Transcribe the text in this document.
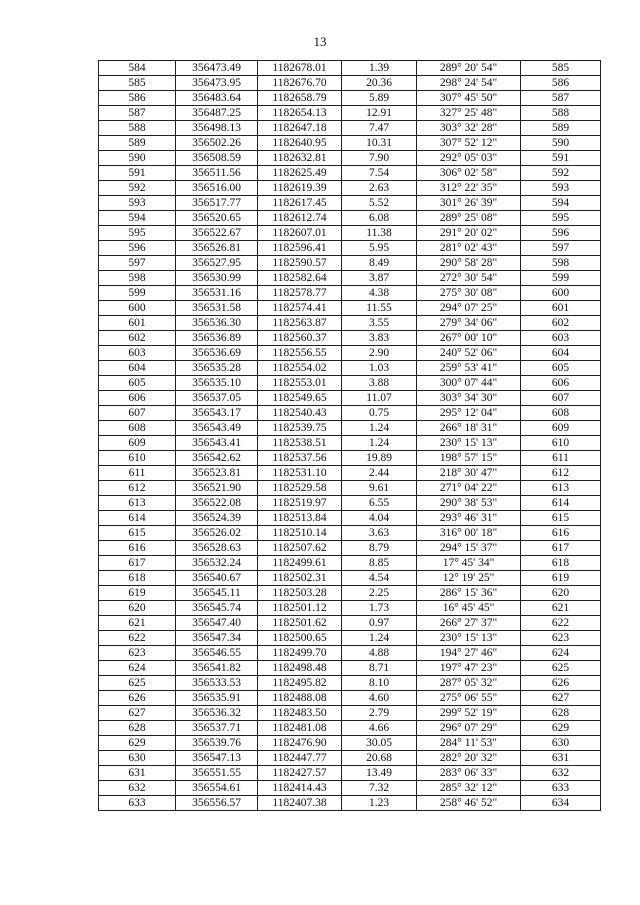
13
584	356473.49	1182678.01	1.39	289° 20' 54"	585
585	356473.95	1182676.70	20.36	298° 24' 54"	586
586	356483.64	1182658.79	5.89	307° 45' 50"	587
587	356487.25	1182654.13	12.91	327° 25' 48"	588
588	356498.13	1182647.18	7.47	303° 32' 28"	589
589	356502.26	1182640.95	10.31	307° 52' 12"	590
590	356508.59	1182632.81	7.90	292° 05' 03"	591
591	356511.56	1182625.49	7.54	306° 02' 58"	592
592	356516.00	1182619.39	2.63	312° 22' 35"	593
593	356517.77	1182617.45	5.52	301° 26' 39"	594
594	356520.65	1182612.74	6.08	289° 25' 08"	595
595	356522.67	1182607.01	11.38	291° 20' 02"	596
596	356526.81	1182596.41	5.95	281° 02' 43"	597
597	356527.95	1182590.57	8.49	290° 58' 28"	598
598	356530.99	1182582.64	3.87	272° 30' 54"	599
599	356531.16	1182578.77	4.38	275° 30' 08"	600
600	356531.58	1182574.41	11.55	294° 07' 25"	601
601	356536.30	1182563.87	3.55	279° 34' 06"	602
602	356536.89	1182560.37	3.83	267° 00' 10"	603
603	356536.69	1182556.55	2.90	240° 52' 06"	604
604	356535.28	1182554.02	1.03	259° 53' 41"	605
605	356535.10	1182553.01	3.88	300° 07' 44"	606
606	356537.05	1182549.65	11.07	303° 34' 30"	607
607	356543.17	1182540.43	0.75	295° 12' 04"	608
608	356543.49	1182539.75	1.24	266° 18' 31"	609
609	356543.41	1182538.51	1.24	230° 15' 13"	610
610	356542.62	1182537.56	19.89	198° 57' 15"	611
611	356523.81	1182531.10	2.44	218° 30' 47"	612
612	356521.90	1182529.58	9.61	271° 04' 22"	613
613	356522.08	1182519.97	6.55	290° 38' 53"	614
614	356524.39	1182513.84	4.04	293° 46' 31"	615
615	356526.02	1182510.14	3.63	316° 00' 18"	616
616	356528.63	1182507.62	8.79	294° 15' 37"	617
617	356532.24	1182499.61	8.85	17° 45' 34"	618
618	356540.67	1182502.31	4.54	12° 19' 25"	619
619	356545.11	1182503.28	2.25	286° 15' 36"	620
620	356545.74	1182501.12	1.73	16° 45' 45"	621
621	356547.40	1182501.62	0.97	266° 27' 37"	622
622	356547.34	1182500.65	1.24	230° 15' 13"	623
623	356546.55	1182499.70	4.88	194° 27' 46"	624
624	356541.82	1182498.48	8.71	197° 47' 23"	625
625	356533.53	1182495.82	8.10	287° 05' 32"	626
626	356535.91	1182488.08	4.60	275° 06' 55"	627
627	356536.32	1182483.50	2.79	299° 52' 19"	628
628	356537.71	1182481.08	4.66	296° 07' 29"	629
629	356539.76	1182476.90	30.05	284° 11' 53"	630
630	356547.13	1182447.77	20.68	282° 20' 32"	631
631	356551.55	1182427.57	13.49	283° 06' 33"	632
632	356554.61	1182414.43	7.32	285° 32' 12"	633
633	356556.57	1182407.38	1.23	258° 46' 52"	634
